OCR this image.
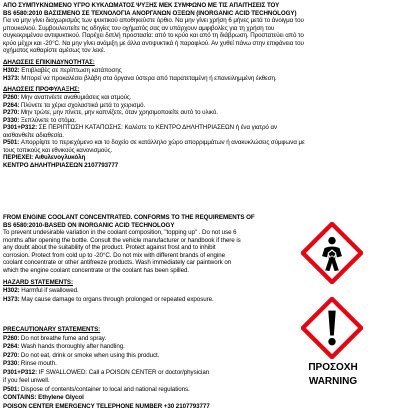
ΑΠΟ ΣΥΜΠΥΚΝΩΜΕΝΟ ΥΓΡΟ ΚΥΚΛΩΜΑΤΟΣ ΨΥΞΗΣ ΜΕΚ ΣΥΜΦΩΝΟ ΜΕ ΤΙΣ ΑΠΑΙΤΗΣΕΙΣ ΤΟΥ
BS 6580:2010 ΒΑΣΙΣΜΕΝΟ ΣΕ ΤΕΧΝΟΛΟΓΙΑ ΑΝΟΡΓΑΝΩΝ ΟΞΕΩΝ (INORGANIC ACID TECHNOLOGY)
Για να μην γίνει διαχωρισμός των ψυκτικού αποθηκεύστε όρθιο. Να μην γίνει χρήση 6 μήνες μετά το άνοιγμα του
μπουκαλιού. Συμβουλευτείτε τις οδηγίες του οχήματός σας αν υπάρχουν αμφιβολίες για τη χρήση του
συγκεκριμένου αντιψυκτικού. Παρέχει διπλή προστασία: από το κρύο και από τη διάβρωση. Προστατεύει από το
κρύο μέχρι και -20°C. Να μην γίνει ανάμιξη με άλλα αντιψυκτικά ή παραφλού. Αν χυθεί πάνω στην επιφάνεια του
οχήματος καθαρίστε αμέσως τον λεκέ.
ΔΗΛΩΣΕΙΣ ΕΠΙΚΙΝΔΥΝΟΤΗΤΑΣ:
H302: Επιβλαβές σε περίπτωση κατάποσης
H373: Μπορεί να προκαλέσει βλάβη στα όργανα ύστερα από παρατεταμένη ή επανειλημμένη έκθεση.
ΔΗΛΩΣΕΙΣ ΠΡΟΦΥΛΑΞΗΣ:
P260: Μην αναπνέετε αναθυμιάσεις και ατμούς.
P264: Πλύνετε τα χέρια σχολαστικά μετά το χειρισμό.
P270: Μην τρώτε, μην πίνετε, μην καπνίζετε, όταν χρησιμοποιείτε αυτό το υλικό.
P330: Ξεπλύνετε το στόμα.
P301+P312: ΣΕ ΠΕΡΙΠΤΩΣΗ ΚΑΤΑΠΟΣΗΣ: Καλέστε το ΚΕΝΤΡΟ ΔΗΛΗΤΗΡΙΑΣΕΩΝ ή ένα γιατρό αν
αισθανθείτε αδιαθεσία.
P501: Απορρίψτε το περιεχόμενο και το δοχείο σε κατάλληλο χώρο απορριμμάτων ή ανακυκλώσεις σύμφωνα με
τους τοπικούς και εθνικούς κανονισμούς.
ΠΕΡΙΕΧΕΙ: Αιθυλενογλυκόλη
ΚΕΝΤΡΟ ΔΗΛΗΤΗΡΙΑΣΕΩΝ 2107793777
FROM ENGINE COOLANT CONCENTRATED. CONFORMS TO THE REQUIREMENTS OF
BS 6580:2010-BASED ON INORGANIC ACID TECHNOLOGY
To prevent undesirable variation in the coolant composition, "topping up" . Do not use 6
months after opening the bottle. Consult the vehicle manufacturer or handbook if there is
any doubt about the suitability of the product. Protect against frost and to inhibit
corrosion. Protect from cold up to -20°C. Do not mix with different brands of engine
coolant concentrate or other antifreeze products. Wash immediately car paintwork on
which the engine coolant concentrate or the coolant has been spilled.
HAZARD STATEMENTS:
H302: Harmful if swallowed.
H373: May cause damage to organs through prolonged or repeated exposure.
PRECAUTIONARY STATEMENTS:
P260: Do not breathe fume and spray.
P264: Wash hands thoroughly after handling.
P270: Do not eat, drink or smoke when using this product.
P330: Rinse mouth.
P301+P312: IF SWALLOWED: Call a POISON CENTER or doctor/physician
if you feel unwell.
P501: Dispose of contents/container to local and national regulations.
CONTAINS: Ethylene Glycol
POISON CENTER EMERGENCY TELEPHONE NUMBER +30 2107793777
ΠΡΟΣΟΧΗ
WARNING
